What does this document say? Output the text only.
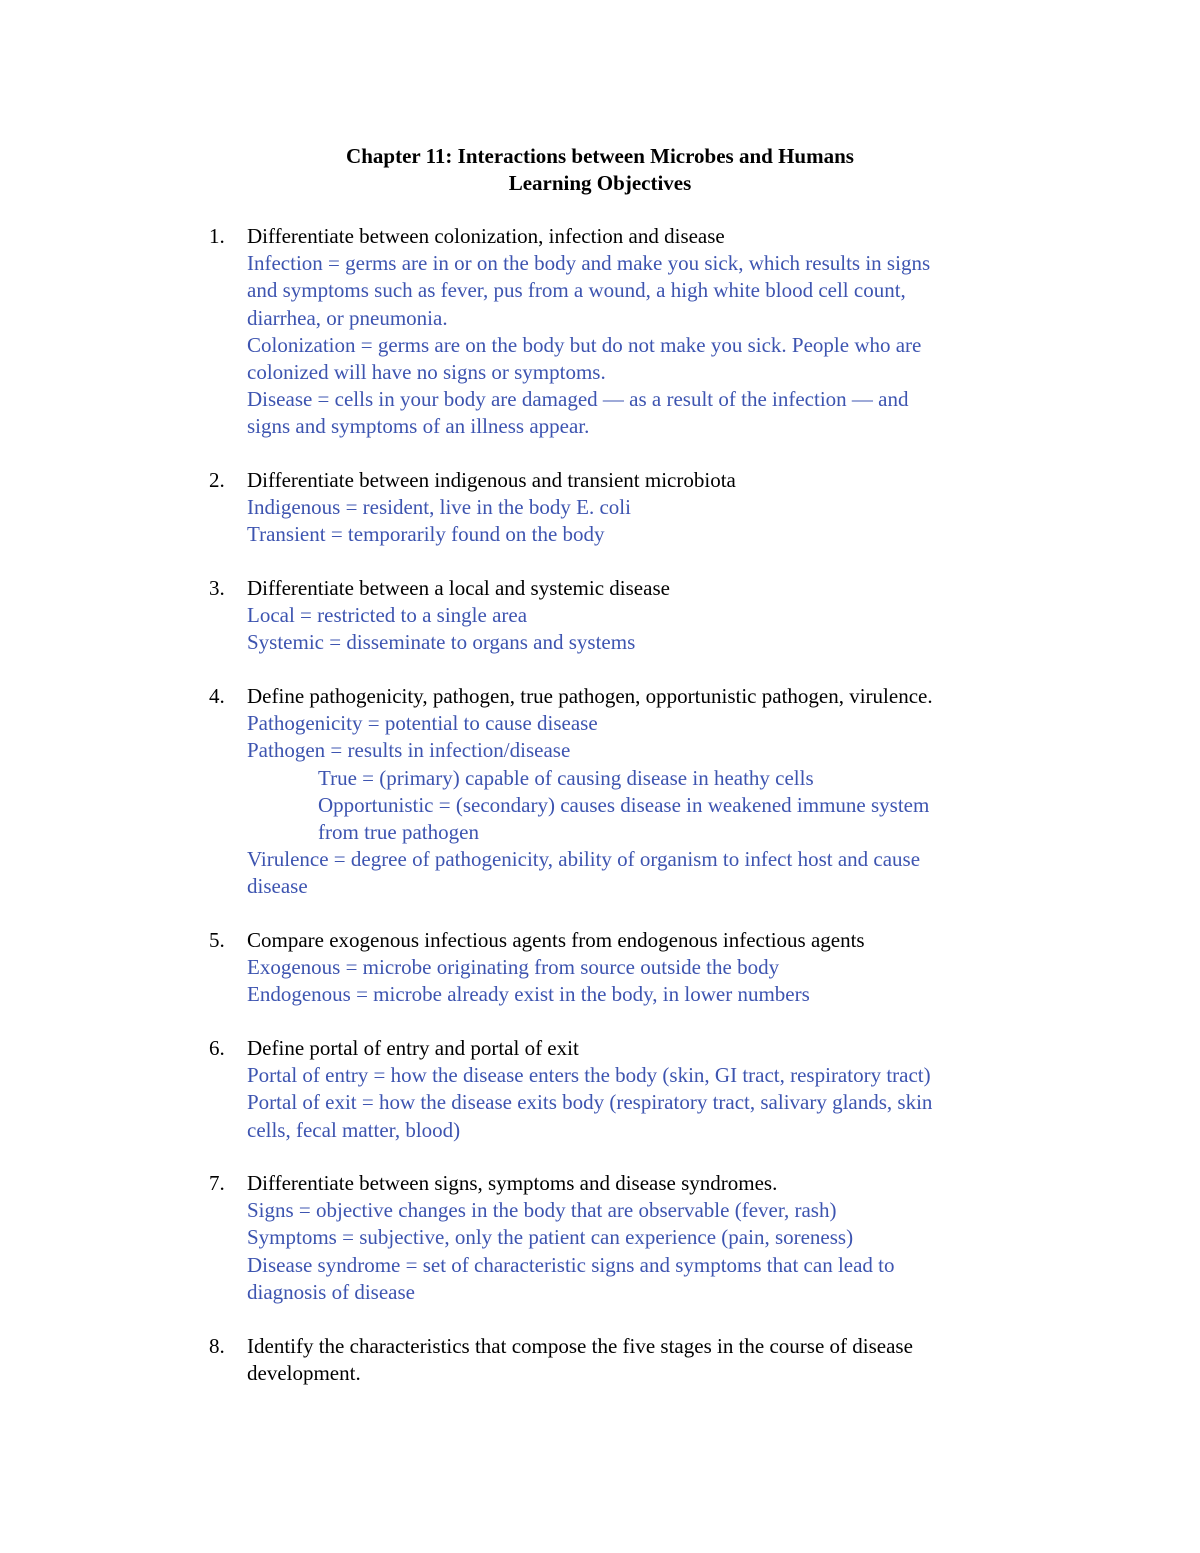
Chapter 11: Interactions between Microbes and Humans
Learning Objectives
1.	Differentiate between colonization, infection and disease
Infection = germs are in or on the body and make you sick, which results in signs
and symptoms such as fever, pus from a wound, a high white blood cell count,
diarrhea, or pneumonia.
Colonization = germs are on the body but do not make you sick. People who are
colonized will have no signs or symptoms.
Disease = cells in your body are damaged — as a result of the infection — and
signs and symptoms of an illness appear.
2.	Differentiate between indigenous and transient microbiota
Indigenous = resident, live in the body E. coli
Transient = temporarily found on the body
3.	Differentiate between a local and systemic disease
Local = restricted to a single area
Systemic = disseminate to organs and systems
4.	Define pathogenicity, pathogen, true pathogen, opportunistic pathogen, virulence.
Pathogenicity = potential to cause disease
Pathogen = results in infection/disease
True = (primary) capable of causing disease in heathy cells
Opportunistic = (secondary) causes disease in weakened immune system
from true pathogen
Virulence = degree of pathogenicity, ability of organism to infect host and cause
disease
5.	Compare exogenous infectious agents from endogenous infectious agents
Exogenous = microbe originating from source outside the body
Endogenous = microbe already exist in the body, in lower numbers
6.	Define portal of entry and portal of exit
Portal of entry = how the disease enters the body (skin, GI tract, respiratory tract)
Portal of exit = how the disease exits body (respiratory tract, salivary glands, skin
cells, fecal matter, blood)
7.	Differentiate between signs, symptoms and disease syndromes.
Signs = objective changes in the body that are observable (fever, rash)
Symptoms = subjective, only the patient can experience (pain, soreness)
Disease syndrome = set of characteristic signs and symptoms that can lead to
diagnosis of disease
8.	Identify the characteristics that compose the five stages in the course of disease
development.
